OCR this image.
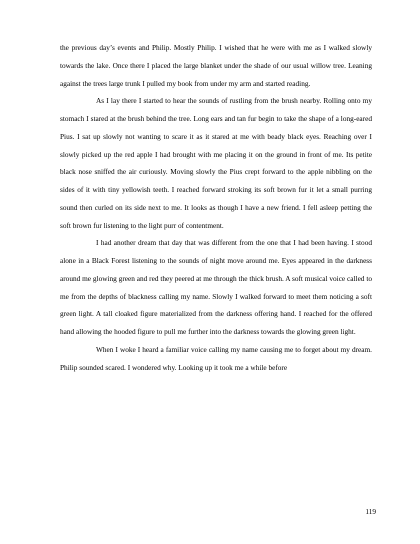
the previous day’s events and Philip. Mostly Philip. I wished that he were with me as I walked slowly towards the lake. Once there I placed the large blanket under the shade of our usual willow tree. Leaning against the trees large trunk I pulled my book from under my arm and started reading.

As I lay there I started to hear the sounds of rustling from the brush nearby. Rolling onto my stomach I stared at the brush behind the tree. Long ears and tan fur begin to take the shape of a long-eared Pius. I sat up slowly not wanting to scare it as it stared at me with beady black eyes. Reaching over I slowly picked up the red apple I had brought with me placing it on the ground in front of me. Its petite black nose sniffed the air curiously. Moving slowly the Pius crept forward to the apple nibbling on the sides of it with tiny yellowish teeth. I reached forward stroking its soft brown fur it let a small purring sound then curled on its side next to me. It looks as though I have a new friend. I fell asleep petting the soft brown fur listening to the light purr of contentment.

I had another dream that day that was different from the one that I had been having. I stood alone in a Black Forest listening to the sounds of night move around me. Eyes appeared in the darkness around me glowing green and red they peered at me through the thick brush. A soft musical voice called to me from the depths of blackness calling my name. Slowly I walked forward to meet them noticing a soft green light. A tall cloaked figure materialized from the darkness offering hand. I reached for the offered hand allowing the hooded figure to pull me further into the darkness towards the glowing green light.

When I woke I heard a familiar voice calling my name causing me to forget about my dream. Philip sounded scared. I wondered why. Looking up it took me a while before

119
